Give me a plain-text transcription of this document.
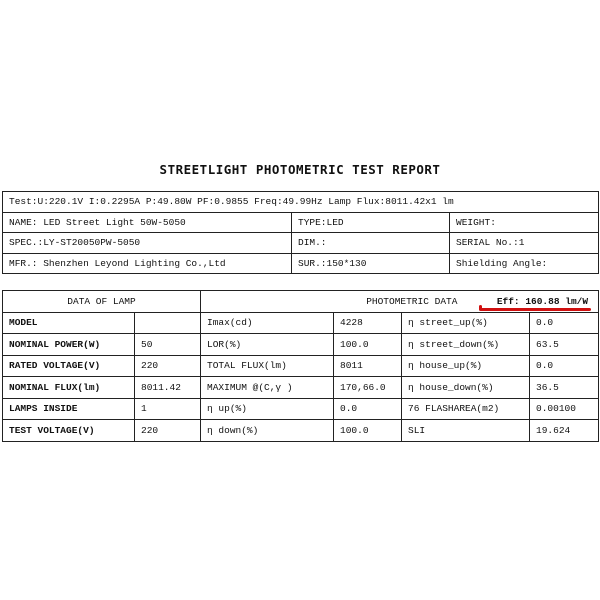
STREETLIGHT PHOTOMETRIC TEST REPORT
Test:U:220.1V I:0.2295A P:49.80W PF:0.9855 Freq:49.99Hz Lamp Flux:8011.42x1 lm		
NAME: LED Street Light 50W-5050	TYPE:LED	WEIGHT:
SPEC.:LY-ST20050PW-5050	DIM.:	SERIAL No.:1
MFR.: Shenzhen Leyond Lighting Co.,Ltd	SUR.:150*130	Shielding Angle:
DATA OF LAMP		PHOTOMETRIC DATA Eff: 160.88 lm/W			
MODEL		Imax(cd)	4228	η street_up(%)	0.0
NOMINAL POWER(W)	50	LOR(%)	100.0	η street_down(%)	63.5
RATED VOLTAGE(V)	220	TOTAL FLUX(lm)	8011	η house_up(%)	0.0
NOMINAL FLUX(lm)	8011.42	MAXIMUM @(C,γ )	170,66.0	η house_down(%)	36.5
LAMPS INSIDE	1	η up(%)	0.0	76 FLASHAREA(m2)	0.00100
TEST VOLTAGE(V)	220	η down(%)	100.0	SLI	19.624
